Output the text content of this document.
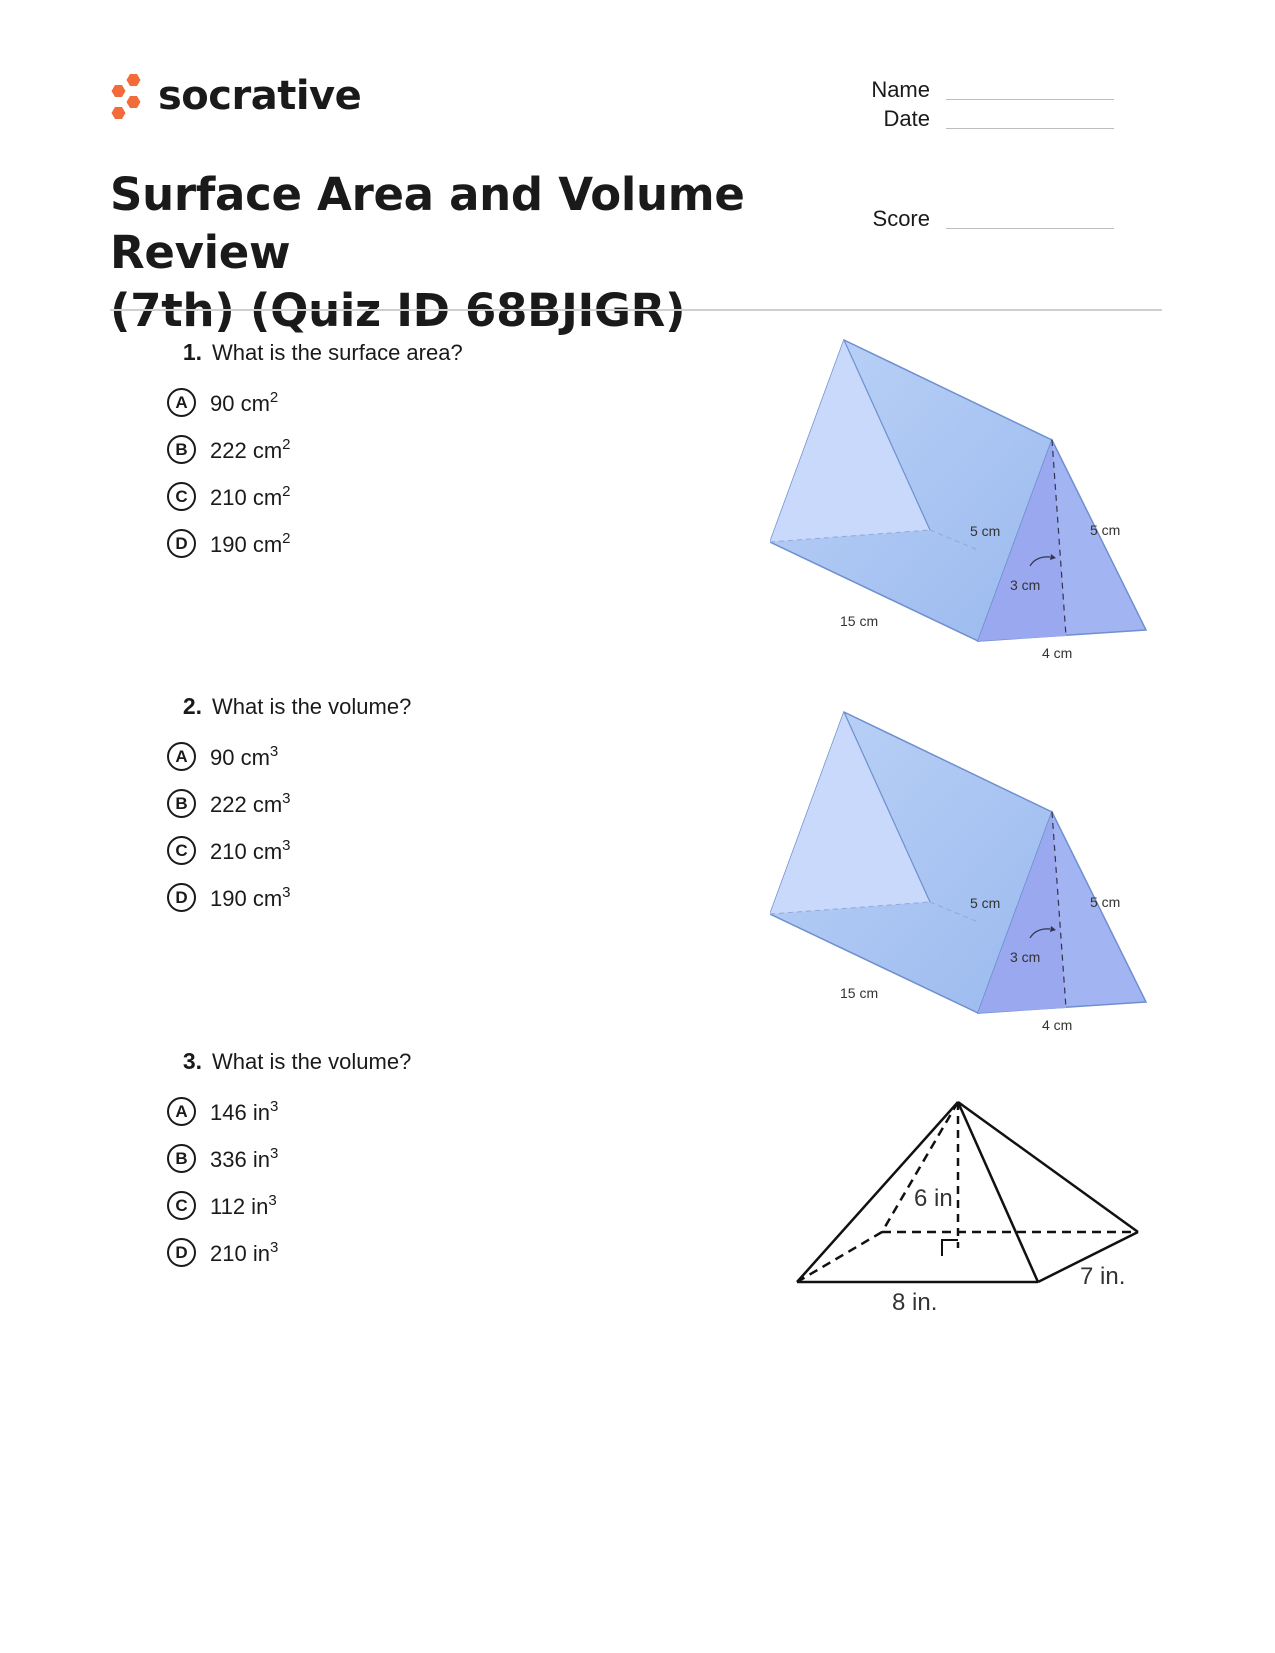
socrative	Name
Date
Score
Surface Area and Volume Review
(7th) (Quiz ID 68BJIGR)
1. What is the surface area?
A	90 $cm^2$
B	222 $cm^2$
C	210 $cm^2$
D	190 $cm^2$	5 cm	5 cm
3 cm
15 cm
4 cm
2. What is the volume?
A	90 $cm^3$
B	222 $cm^3$
C	210 $cm^3$
D	190 $cm^3$
5 cm	5 cm
3 cm
15 cm
4 cm
3. What is the volume?
A	146 $in^3$
B	336 $in^3$
C	112 $in^3$
D	210 $in^3$
6 in
7 in.
8 in.
